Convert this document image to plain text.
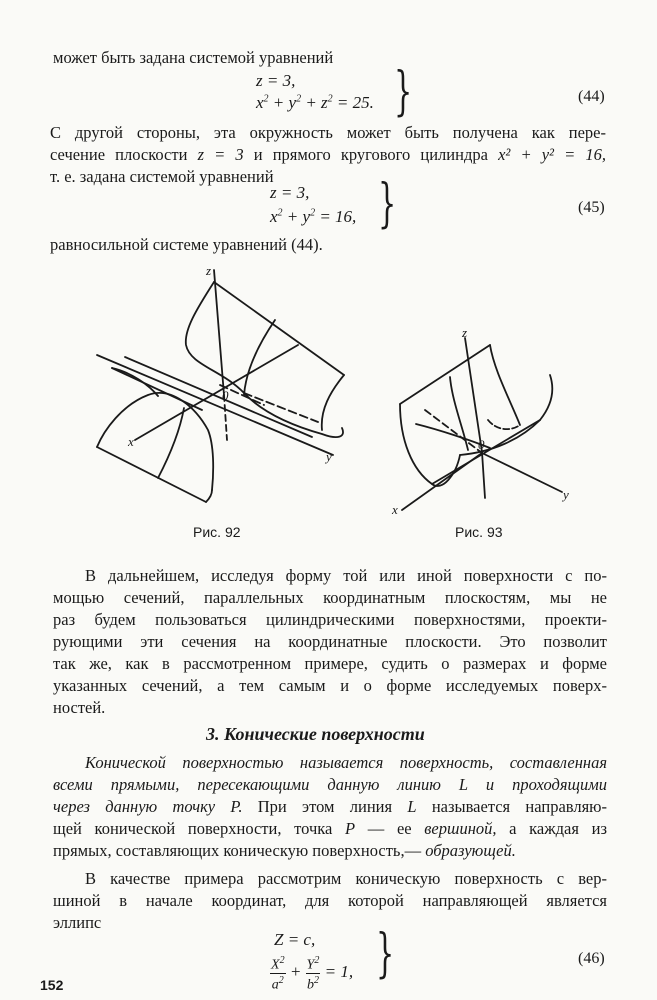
может быть задана системой уравнений
z = 3,
$x^2 + y^2 + z^2 = 25$. }	(44)
С другой стороны, эта окружность может быть получена как пере-
сечение плоскости z = 3 и прямого кругового цилиндра x² + y² = 16,
т. е. задана системой уравнений
z = 3,
$x^2 + y^2 = 16$, }	(45)
равносильной системе уравнений (44).
z
x
y
0
z
x
y
0
Рис. 92	Рис. 93
В дальнейшем, исследуя форму той или иной поверхности с по-
мощью сечений, параллельных координатным плоскостям, мы не
раз будем пользоваться цилиндрическими поверхностями, проекти-
рующими эти сечения на координатные плоскости. Это позволит
так же, как в рассмотренном примере, судить о размерах и форме
указанных сечений, а тем самым и о форме исследуемых поверх-
ностей.
3. Конические поверхности
Конической поверхностью называется поверхность, составленная
всеми прямыми, пересекающими данную линию L и проходящими
через данную точку P. При этом линия L называется направляю-
щей конической поверхности, точка P — ее вершиной, а каждая из
прямых, составляющих коническую поверхность,— образующей.
В качестве примера рассмотрим коническую поверхность с вер-
шиной в начале координат, для которой направляющей является
эллипс
Z = c,
$\frac{X^2}{a^2} + \frac{Y^2}{b^2} = 1$, }	(46)
152
